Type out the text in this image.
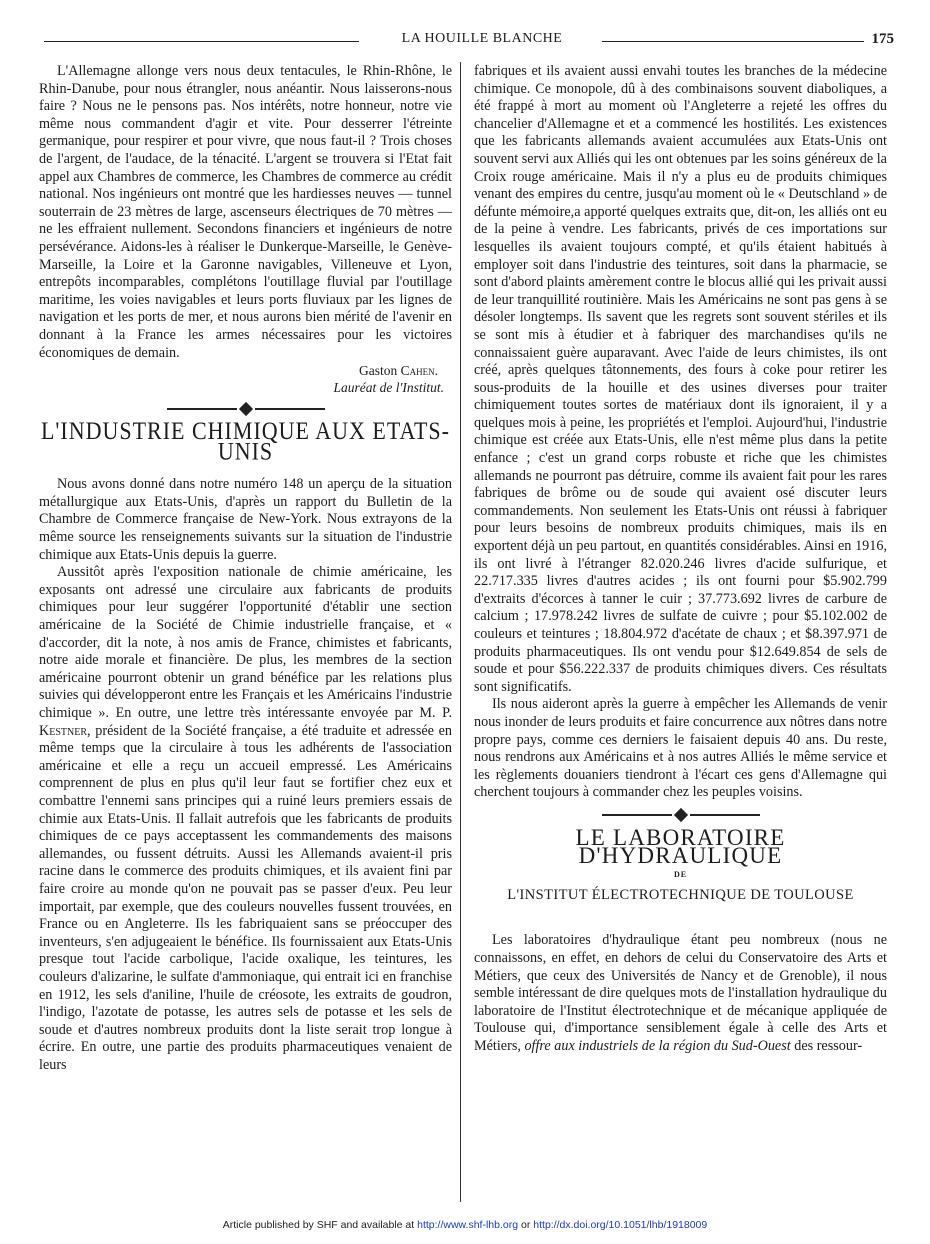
LA HOUILLE BLANCHE	175

L'Allemagne allonge vers nous deux tentacules, le Rhin-Rhône, le Rhin-Danube, pour nous étrangler, nous anéantir. Nous laisserons-nous faire ? Nous ne le pensons pas. Nos intérêts, notre honneur, notre vie même nous commandent d'agir et vite. Pour desserrer l'étreinte germanique, pour respirer et pour vivre, que nous faut-il ? Trois choses de l'argent, de l'audace, de la ténacité. L'argent se trouvera si l'Etat fait appel aux Chambres de commerce, les Chambres de commerce au crédit national. Nos ingénieurs ont montré que les hardiesses neuves — tunnel souterrain de 23 mètres de large, ascenseurs électriques de 70 mètres — ne les effraient nullement. Secondons financiers et ingénieurs de notre persévérance. Aidons-les à réaliser le Dunkerque-Marseille, le Genève-Marseille, la Loire et la Garonne navigables, Villeneuve et Lyon, entrepôts incomparables, complétons l'outillage fluvial par l'outillage maritime, les voies navigables et leurs ports fluviaux par les lignes de navigation et les ports de mer, et nous aurons bien mérité de l'avenir en donnant à la France les armes nécessaires pour les victoires économiques de demain.

Gaston Cahen.
Lauréat de l'Institut.
L'INDUSTRIE CHIMIQUE AUX ETATS-UNIS

Nous avons donné dans notre numéro 148 un aperçu de la situation métallurgique aux Etats-Unis, d'après un rapport du Bulletin de la Chambre de Commerce française de New-York. Nous extrayons de la même source les renseignements suivants sur la situation de l'industrie chimique aux Etats-Unis depuis la guerre.

Aussitôt après l'exposition nationale de chimie américaine, les exposants ont adressé une circulaire aux fabricants de produits chimiques pour leur suggérer l'opportunité d'établir une section américaine de la Société de Chimie industrielle française, et « d'accorder, dit la note, à nos amis de France, chimistes et fabricants, notre aide morale et financière. De plus, les membres de la section américaine pourront obtenir un grand bénéfice par les relations plus suivies qui développeront entre les Français et les Américains l'industrie chimique ». En outre, une lettre très intéressante envoyée par M. P. Kestner, président de la Société française, a été traduite et adressée en même temps que la circulaire à tous les adhérents de l'association américaine et elle a reçu un accueil empressé. Les Américains comprennent de plus en plus qu'il leur faut se fortifier chez eux et combattre l'ennemi sans principes qui a ruiné leurs premiers essais de chimie aux Etats-Unis. Il fallait autrefois que les fabricants de produits chimiques de ce pays acceptassent les commandements des maisons allemandes, ou fussent détruits. Aussi les Allemands avaient-il pris racine dans le commerce des produits chimiques, et ils avaient fini par faire croire au monde qu'on ne pouvait pas se passer d'eux. Peu leur importait, par exemple, que des couleurs nouvelles fussent trouvées, en France ou en Angleterre. Ils les fabriquaient sans se préoccuper des inventeurs, s'en adjugeaient le bénéfice. Ils fournissaient aux Etats-Unis presque tout l'acide carbolique, l'acide oxalique, les teintures, les couleurs d'alizarine, le sulfate d'ammoniaque, qui entrait ici en franchise en 1912, les sels d'aniline, l'huile de créosote, les extraits de goudron, l'indigo, l'azotate de potasse, les autres sels de potasse et les sels de soude et d'autres nombreux produits dont la liste serait trop longue à écrire. En outre, une partie des produits pharmaceutiques venaient de leurs

fabriques et ils avaient aussi envahi toutes les branches de la médecine chimique. Ce monopole, dû à des combinaisons souvent diaboliques, a été frappé à mort au moment où l'Angleterre a rejeté les offres du chancelier d'Allemagne et et a commencé les hostilités. Les existences que les fabricants allemands avaient accumulées aux Etats-Unis ont souvent servi aux Alliés qui les ont obtenues par les soins généreux de la Croix rouge américaine. Mais il n'y a plus eu de produits chimiques venant des empires du centre, jusqu'au moment où le « Deutschland » de défunte mémoire,a apporté quelques extraits que, dit-on, les alliés ont eu de la peine à vendre. Les fabricants, privés de ces importations sur lesquelles ils avaient toujours compté, et qu'ils étaient habitués à employer soit dans l'industrie des teintures, soit dans la pharmacie, se sont d'abord plaints amèrement contre le blocus allié qui les privait aussi de leur tranquillité routinière. Mais les Américains ne sont pas gens à se désoler longtemps. Ils savent que les regrets sont souvent stériles et ils se sont mis à étudier et à fabriquer des marchandises qu'ils ne connaissaient guère auparavant. Avec l'aide de leurs chimistes, ils ont créé, après quelques tâtonnements, des fours à coke pour retirer les sous-produits de la houille et des usines diverses pour traiter chimiquement toutes sortes de matériaux dont ils ignoraient, il y a quelques mois à peine, les propriétés et l'emploi. Aujourd'hui, l'industrie chimique est créée aux Etats-Unis, elle n'est même plus dans la petite enfance ; c'est un grand corps robuste et riche que les chimistes allemands ne pourront pas détruire, comme ils avaient fait pour les rares fabriques de brôme ou de soude qui avaient osé discuter leurs commandements. Non seulement les Etats-Unis ont réussi à fabriquer pour leurs besoins de nombreux produits chimiques, mais ils en exportent déjà un peu partout, en quantités considérables. Ainsi en 1916, ils ont livré à l'étranger 82.020.246 livres d'acide sulfurique, et 22.717.335 livres d'autres acides ; ils ont fourni pour $5.902.799 d'extraits d'écorces à tanner le cuir ; 37.773.692 livres de carbure de calcium ; 17.978.242 livres de sulfate de cuivre ; pour $5.102.002 de couleurs et teintures ; 18.804.972 d'acétate de chaux ; et $8.397.971 de produits pharmaceutiques. Ils ont vendu pour $12.649.854 de sels de soude et pour $56.222.337 de produits chimiques divers. Ces résultats sont significatifs.

Ils nous aideront après la guerre à empêcher les Allemands de venir nous inonder de leurs produits et faire concurrence aux nôtres dans notre propre pays, comme ces derniers le faisaient depuis 40 ans. Du reste, nous rendrons aux Américains et à nos autres Alliés le même service et les règlements douaniers tiendront à l'écart ces gens d'Allemagne qui cherchent toujours à commander chez les peuples voisins.

LE LABORATOIRE D'HYDRAULIQUE
DE
L'INSTITUT ÉLECTROTECHNIQUE DE TOULOUSE

Les laboratoires d'hydraulique étant peu nombreux (nous ne connaissons, en effet, en dehors de celui du Conservatoire des Arts et Métiers, que ceux des Universités de Nancy et de Grenoble), il nous semble intéressant de dire quelques mots de l'installation hydraulique du laboratoire de l'Institut électrotechnique et de mécanique appliquée de Toulouse qui, d'importance sensiblement égale à celle des Arts et Métiers, offre aux industriels de la région du Sud-Ouest des ressour-

Article published by SHF and available at http://www.shf-lhb.org or http://dx.doi.org/10.1051/lhb/1918009
